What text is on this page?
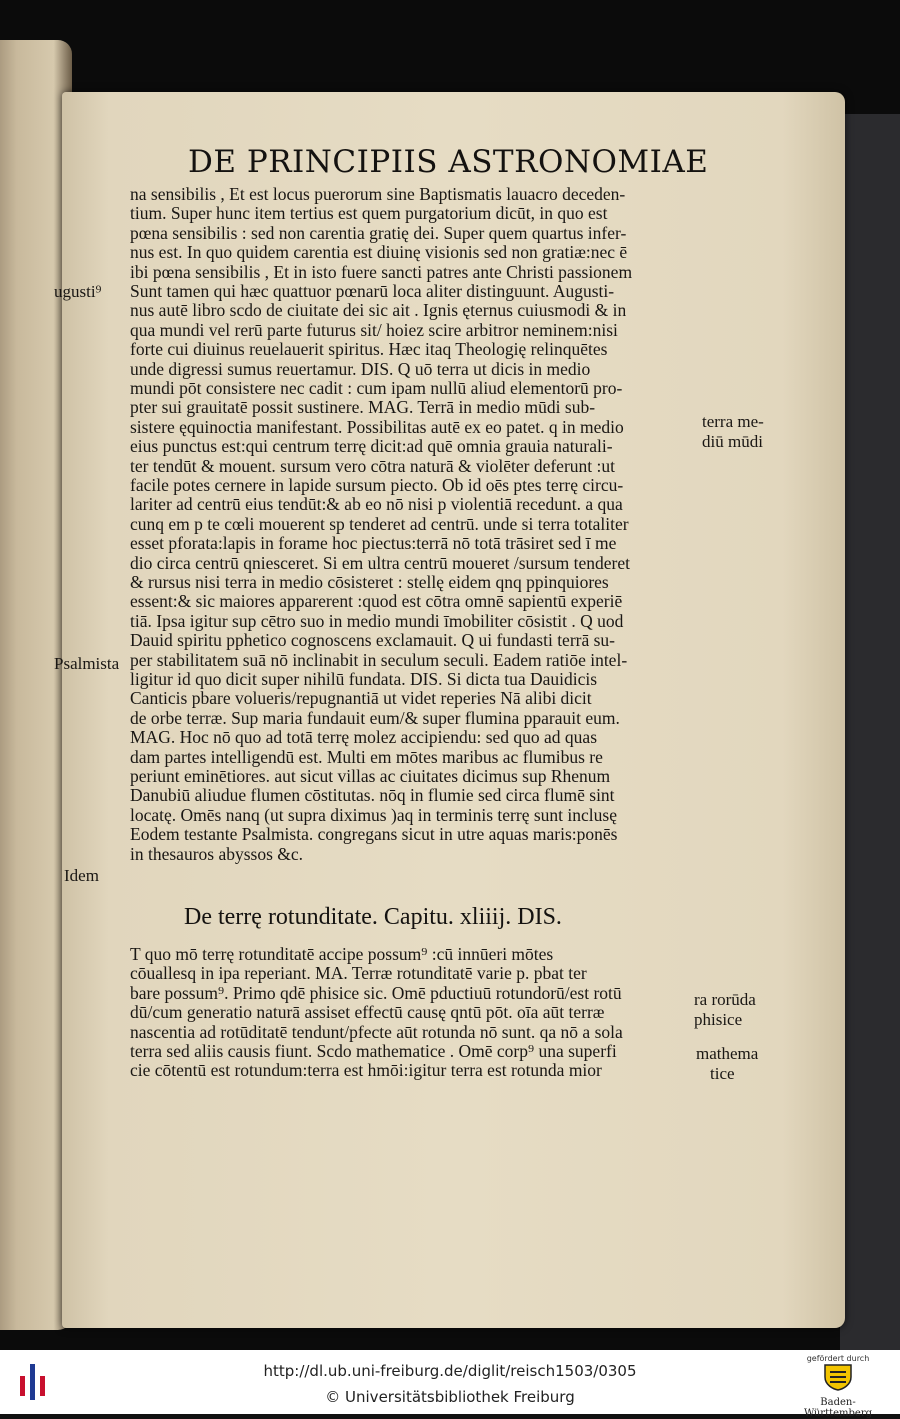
DE PRINCIPIIS ASTRONOMIAE
na sensibilis , Et est locus puerorum sine Baptismatis lauacro deceden-
tium. Super hunc item tertius est quem purgatorium dicūt, in quo est
pœna sensibilis : sed non carentia gratię dei. Super quem quartus infer-
nus est. In quo quidem carentia est diuinę visionis sed non gratiæ:nec ē
ibi pœna sensibilis , Et in isto fuere sancti patres ante Christi passionem
Sunt tamen qui hæc quattuor pœnarū loca aliter distinguunt. Augusti-
nus autē libro scdo de ciuitate dei sic ait . Ignis ęternus cuiusmodi & in
qua mundi vel rerū parte futurus sit/ hoiez scire arbitror neminem:nisi
forte cui diuinus reuelauerit spiritus. Hæc itaq Theologię relinquētes
unde digressi sumus reuertamur. DIS. Q uō terra ut dicis in medio
mundi pōt consistere nec cadit : cum ipam nullū aliud elementorū pro-
pter sui grauitatē possit sustinere. MAG. Terrā in medio mūdi sub-
sistere ęquinoctia manifestant. Possibilitas autē ex eo patet. q in medio
eius punctus est:qui centrum terrę dicit:ad quē omnia grauia naturali-
ter tendūt & mouent. sursum vero cōtra naturā & violēter deferunt :ut
facile potes cernere in lapide sursum piecto. Ob id oēs ptes terrę circu-
lariter ad centrū eius tendūt:& ab eo nō nisi p violentiā recedunt. a qua
cunq em p te cœli mouerent sp tenderet ad centrū. unde si terra totaliter
esset pforata:lapis in forame hoc piectus:terrā nō totā trāsiret sed ī me
dio circa centrū qniesceret. Si em ultra centrū moueret /sursum tenderet
& rursus nisi terra in medio cōsisteret : stellę eidem qnq ppinquiores
essent:& sic maiores apparerent :quod est cōtra omnē sapientū experiē
tiā. Ipsa igitur sup cētro suo in medio mundi īmobiliter cōsistit . Q uod
Dauid spiritu pphetico cognoscens exclamauit. Q ui fundasti terrā su-
per stabilitatem suā nō inclinabit in seculum seculi. Eadem ratiōe intel-
ligitur id quo dicit super nihilū fundata. DIS. Si dicta tua Dauidicis
Canticis pbare volueris/repugnantiā ut videt reperies Nā alibi dicit
de orbe terræ. Sup maria fundauit eum/& super flumina pparauit eum.
MAG. Hoc nō quo ad totā terrę molez accipiendu: sed quo ad quas
dam partes intelligendū est. Multi em mōtes maribus ac flumibus re
periunt eminētiores. aut sicut villas ac ciuitates dicimus sup Rhenum
Danubiū aliudue flumen cōstitutas. nōq in flumie sed circa flumē sint
locatę. Omēs nanq (ut supra diximus )aq in terminis terrę sunt inclusę
Eodem testante Psalmista. congregans sicut in utre aquas maris:ponēs
in thesauros abyssos &c.
De terrę rotunditate. Capitu. xliiij. DIS.
T quo mō terrę rotunditatē accipe possum⁹ :cū innūeri mōtes
cōuallesq in ipa reperiant. MA. Terræ rotunditatē varie p. pbat ter
bare possum⁹. Primo qdē phisice sic. Omē pductiuū rotundorū/est rotū
dū/cum generatio naturā assiset effectū causę qntū pōt. oīa aūt terræ
nascentia ad rotūditatē tendunt/pfecte aūt rotunda nō sunt. qa nō a sola
terra sed aliis causis fiunt. Scdo mathematice . Omē corp⁹ una superfi
cie cōtentū est rotundum:terra est hmōi:igitur terra est rotunda mior
ugusti⁹
terra me-
diū mūdi
Psalmista
Idem
ra rorūda
phisice
mathema
tice
http://dl.ub.uni-freiburg.de/diglit/reisch1503/0305
© Universitätsbibliothek Freiburg
gefördert durch
Baden-Württemberg
